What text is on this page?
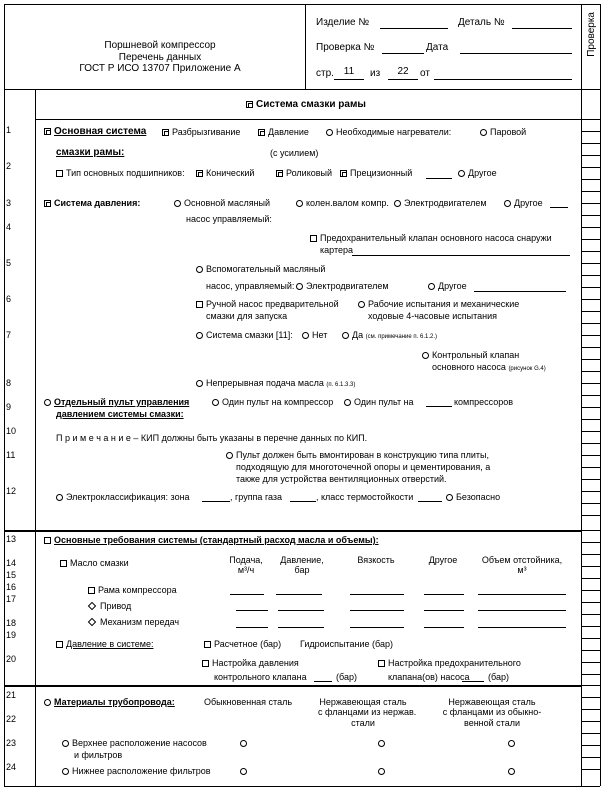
Поршневой компрессор
Перечень данных
ГОСТ Р ИСО 13707 Приложение А
Изделие №	Деталь №
Проверка №	Дата
стр. 11	из	22	от
Проверка
Система смазки рамы
1
2
3
4
5
6
7
8
9
10
11
12
13
14
15
16
17
18
19
20
21
22
23
24
Основная система
смазки рамы:
Разбрызгивание	Давление
(с усилием)
Необходимые нагреватели:	Паровой
Тип основных подшипников:	Конический	Роликовый	Прецизионный	Другое
Система давления:	Основной масляный
насос управляемый:
колен.валом компр.	Электродвигателем	Другое
Предохранительный клапан основного насоса снаружи
картера
Вспомогательный масляный
насос, управляемый:	Электродвигателем	Другое
Ручной насос предварительной
смазки для запуска
Рабочие испытания и механические
ходовые 4-часовые испытания
Система смазки [11]:	Нет	Да (см. примечание п. 6.1.2.)
Контрольный клапан
основного насоса (рисунок G.4)
Непрерывная подача масла (п. 6.1.3.3)
Отдельный пульт управления
давлением системы смазки:
Один пульт на компрессор	Один пульт на	компрессоров
П р и м е ч а н и е – КИП должны быть указаны в перечне данных по КИП.
Пульт должен быть вмонтирован в конструкцию типа плиты,
подходящую для многоточечной опоры и цементирования, а
также для устройства вентиляционных отверстий.
Электроклассификация: зона	, группа газа	, класс термостойкости	Безопасно
Основные требования системы (стандартный расход масла и объемы):
Масло смазки	Подача,
м³/ч
Давление,
бар
Вязкость	Другое	Объем отстойника,
м³
Рама компрессора
Привод
Механизм передач
Давление в системе:	Расчетное (бар) Гидроиспытание (бар)
Настройка давления
контрольного клапана	(бар)
Настройка предохранительного
клапана(ов) насоса (бар)
Материалы трубопровода:	Обыкновенная сталь	Нержавеющая сталь
с фланцами из нержав.
стали
Нержавеющая сталь
с фланцами из обыкно-
венной стали
Верхнее расположение насосов
и фильтров
Нижнее расположение фильтров
